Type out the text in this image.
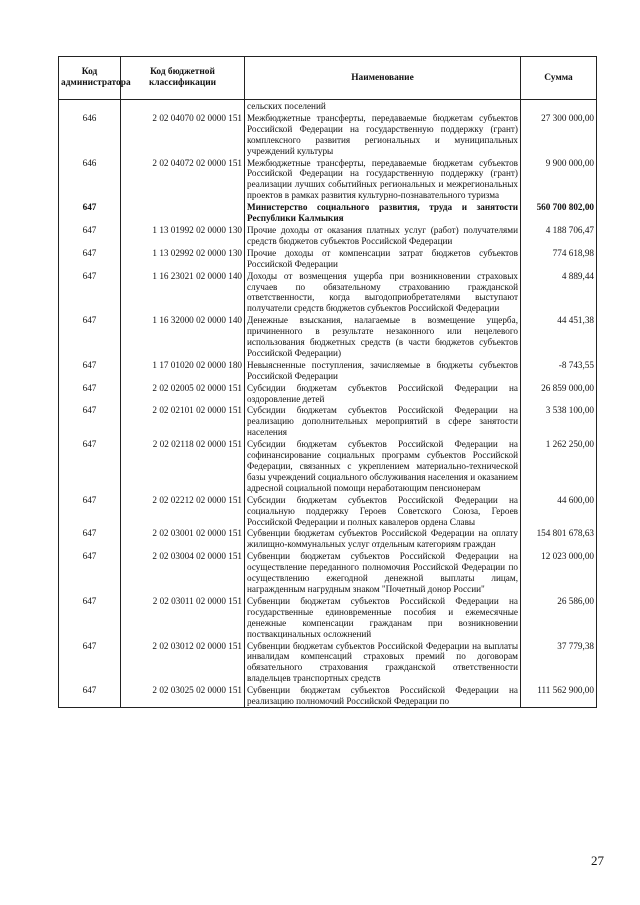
Код администратора	Код бюджетной классификации	Наименование	Сумма
		сельских поселений	
646	2 02 04070 02 0000 151	Межбюджетные трансферты, передаваемые бюджетам субъектов Российской Федерации на государственную поддержку (грант) комплексного развития региональных и муниципальных учреждений культуры	27 300 000,00
646	2 02 04072 02 0000 151	Межбюджетные трансферты, передаваемые бюджетам субъектов Российской Федерации на государственную поддержку (грант) реализации лучших событийных региональных и межрегиональных проектов в рамках развития культурно-познавательного туризма	9 900 000,00
647		Министерство социального развития, труда и занятости Республики Калмыкия	560 700 802,00
647	1 13 01992 02 0000 130	Прочие доходы от оказания платных услуг (работ) получателями средств бюджетов субъектов Российской Федерации	4 188 706,47
647	1 13 02992 02 0000 130	Прочие доходы от компенсации затрат бюджетов субъектов Российской Федерации	774 618,98
647	1 16 23021 02 0000 140	Доходы от возмещения ущерба при возникновении страховых случаев по обязательному страхованию гражданской ответственности, когда выгодоприобретателями выступают получатели средств бюджетов субъектов Российской Федерации	4 889,44
647	1 16 32000 02 0000 140	Денежные взыскания, налагаемые в возмещение ущерба, причиненного в результате незаконного или нецелевого использования бюджетных средств (в части бюджетов субъектов Российской Федерации)	44 451,38
647	1 17 01020 02 0000 180	Невыясненные поступления, зачисляемые в бюджеты субъектов Российской Федерации	-8 743,55
647	2 02 02005 02 0000 151	Субсидии бюджетам субъектов Российской Федерации на оздоровление детей	26 859 000,00
647	2 02 02101 02 0000 151	Субсидии бюджетам субъектов Российской Федерации на реализацию дополнительных мероприятий в сфере занятости населения	3 538 100,00
647	2 02 02118 02 0000 151	Субсидии бюджетам субъектов Российской Федерации на софинансирование социальных программ субъектов Российской Федерации, связанных с укреплением материально-технической базы учреждений социального обслуживания населения и оказанием адресной социальной помощи неработающим пенсионерам	1 262 250,00
647	2 02 02212 02 0000 151	Субсидии бюджетам субъектов Российской Федерации на социальную поддержку Героев Советского Союза, Героев Российской Федерации и полных кавалеров ордена Славы	44 600,00
647	2 02 03001 02 0000 151	Субвенции бюджетам субъектов Российской Федерации на оплату жилищно-коммунальных услуг отдельным категориям граждан	154 801 678,63
647	2 02 03004 02 0000 151	Субвенции бюджетам субъектов Российской Федерации на осуществление переданного полномочия Российской Федерации по осуществлению ежегодной денежной выплаты лицам, награжденным нагрудным знаком "Почетный донор России"	12 023 000,00
647	2 02 03011 02 0000 151	Субвенции бюджетам субъектов Российской Федерации на государственные единовременные пособия и ежемесячные денежные компенсации гражданам при возникновении поствакцинальных осложнений	26 586,00
647	2 02 03012 02 0000 151	Субвенции бюджетам субъектов Российской Федерации на выплаты инвалидам компенсаций страховых премий по договорам обязательного страхования гражданской ответственности владельцев транспортных средств	37 779,38
647	2 02 03025 02 0000 151	Субвенции бюджетам субъектов Российской Федерации на реализацию полномочий Российской Федерации по	111 562 900,00
27
